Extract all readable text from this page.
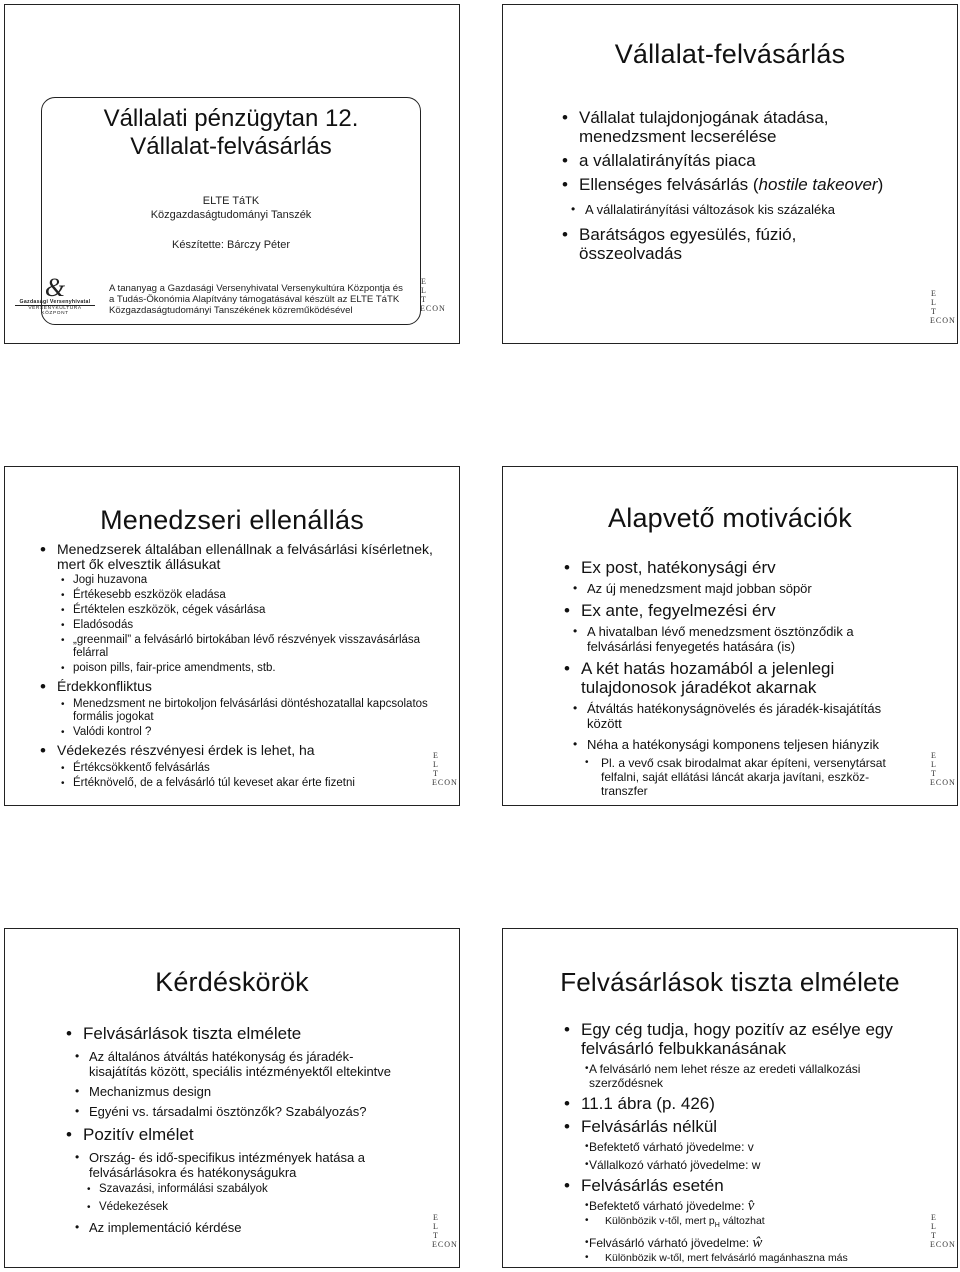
Vállalati pénzügytan 12.
Vállalat-felvásárlás
ELTE TáTK
Közgazdaságtudományi Tanszék
Készítette: Bárczy Péter
A tananyag a Gazdasági Versenyhivatal Versenykultúra Központja és
a Tudás-Ökonómia Alapítvány támogatásával készült az ELTE TáTK
Közgazdaságtudományi Tanszékének közreműködésével
&
Gazdasági Versenyhivatal
VERSENYKULTÚRA KÖZPONT
E
L
T
ECON
Vállalat-felvásárlás
• Vállalat tulajdonjogának átadása, menedzsment lecserélése
• a vállalatirányítás piaca
• Ellenséges felvásárlás (hostile takeover)
• A vállalatirányítási változások kis százaléka
• Barátságos egyesülés, fúzió, összeolvadás
E
L
T
ECON
Menedzseri ellenállás
• Menedzserek általában ellenállnak a felvásárlási kísérletnek, mert ők elvesztik állásukat
• Jogi huzavona
• Értékesebb eszközök eladása
• Értéktelen eszközök, cégek vásárlása
• Eladósodás
• „greenmail” a felvásárló birtokában lévő részvények visszavásárlása felárral
• poison pills, fair-price amendments, stb.
• Érdekkonfliktus
• Menedzsment ne birtokoljon felvásárlási döntéshozatallal kapcsolatos formális jogokat
• Valódi kontrol ?
• Védekezés részvényesi érdek is lehet, ha
• Értékcsökkentő felvásárlás
• Értéknövelő, de a felvásárló túl keveset akar érte fizetni
E
L
T
ECON
Alapvető motivációk
• Ex post, hatékonysági érv
• Az új menedzsment majd jobban söpör
• Ex ante, fegyelmezési érv
• A hivatalban lévő menedzsment ösztönződik a felvásárlási fenyegetés hatására (is)
• A két hatás hozamából a jelenlegi tulajdonosok járadékot akarnak
• Átváltás hatékonyságnövelés és járadék-kisajátítás között
• Néha a hatékonysági komponens teljesen hiányzik
• Pl. a vevő csak birodalmat akar építeni, versenytársat felfalni, saját ellátási láncát akarja javítani, eszköz-transzfer
E
L
T
ECON
Kérdéskörök
• Felvásárlások tiszta elmélete
• Az általános átváltás hatékonyság és járadék-kisajátítás között, speciális intézményektől eltekintve
• Mechanizmus design
• Egyéni vs. társadalmi ösztönzők? Szabályozás?
• Pozitív elmélet
• Ország- és idő-specifikus intézmények hatása a felvásárlásokra és hatékonyságukra
• Szavazási, informálási szabályok
• Védekezések
• Az implementáció kérdése
E
L
T
ECON
Felvásárlások tiszta elmélete
• Egy cég tudja, hogy pozitív az esélye egy felvásárló felbukkanásának
• A felvásárló nem lehet része az eredeti vállalkozási szerződésnek
• 11.1 ábra (p. 426)
• Felvásárlás nélkül
• Befektető várható jövedelme: v
• Vállalkozó várható jövedelme: w
• Felvásárlás esetén
• Befektető várható jövedelme: v̂
• Különbözik v-től, mert $p_H$ változhat
• Felvásárló várható jövedelme: ŵ
• Különbözik w-től, mert felvásárló magánhaszna más
E
L
T
ECON
